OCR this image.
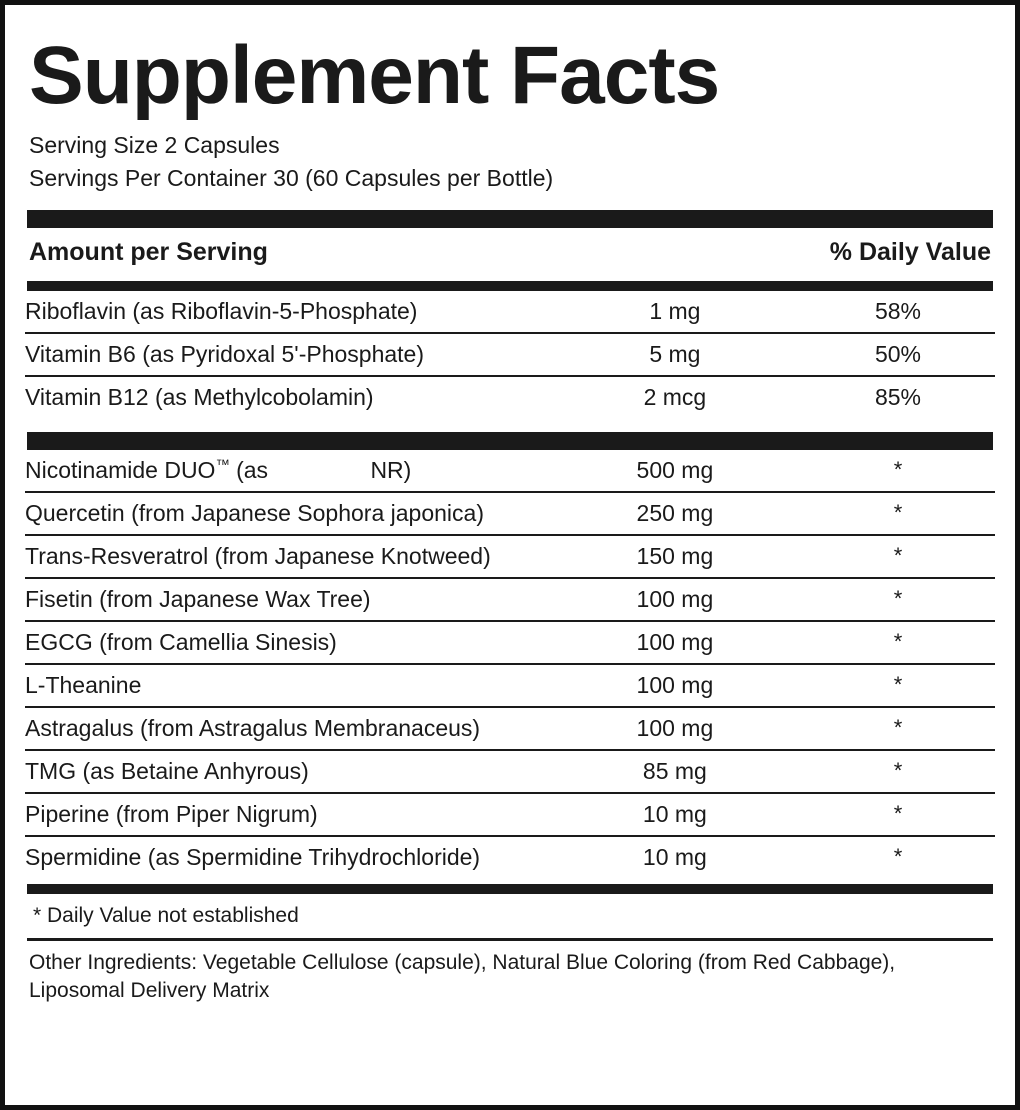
Supplement Facts
Serving Size 2 Capsules
Servings Per Container 30 (60 Capsules per Bottle)
Amount per Serving	% Daily Value
Riboflavin (as Riboflavin-5-Phosphate)	1 mg	58%
Vitamin B6 (as Pyridoxal 5'-Phosphate)	5 mg	50%
Vitamin B12 (as Methylcobolamin)	2 mcg	85%
Nicotinamide DUO™ (as NR)	500 mg	*
Quercetin (from Japanese Sophora japonica)	250 mg	*
Trans-Resveratrol (from Japanese Knotweed)	150 mg	*
Fisetin (from Japanese Wax Tree)	100 mg	*
EGCG (from Camellia Sinesis)	100 mg	*
L-Theanine	100 mg	*
Astragalus (from Astragalus Membranaceus)	100 mg	*
TMG (as Betaine Anhyrous)	85 mg	*
Piperine (from Piper Nigrum)	10 mg	*
Spermidine (as Spermidine Trihydrochloride)	10 mg	*
* Daily Value not established
Other Ingredients: Vegetable Cellulose (capsule), Natural Blue Coloring (from Red Cabbage), Liposomal Delivery Matrix
